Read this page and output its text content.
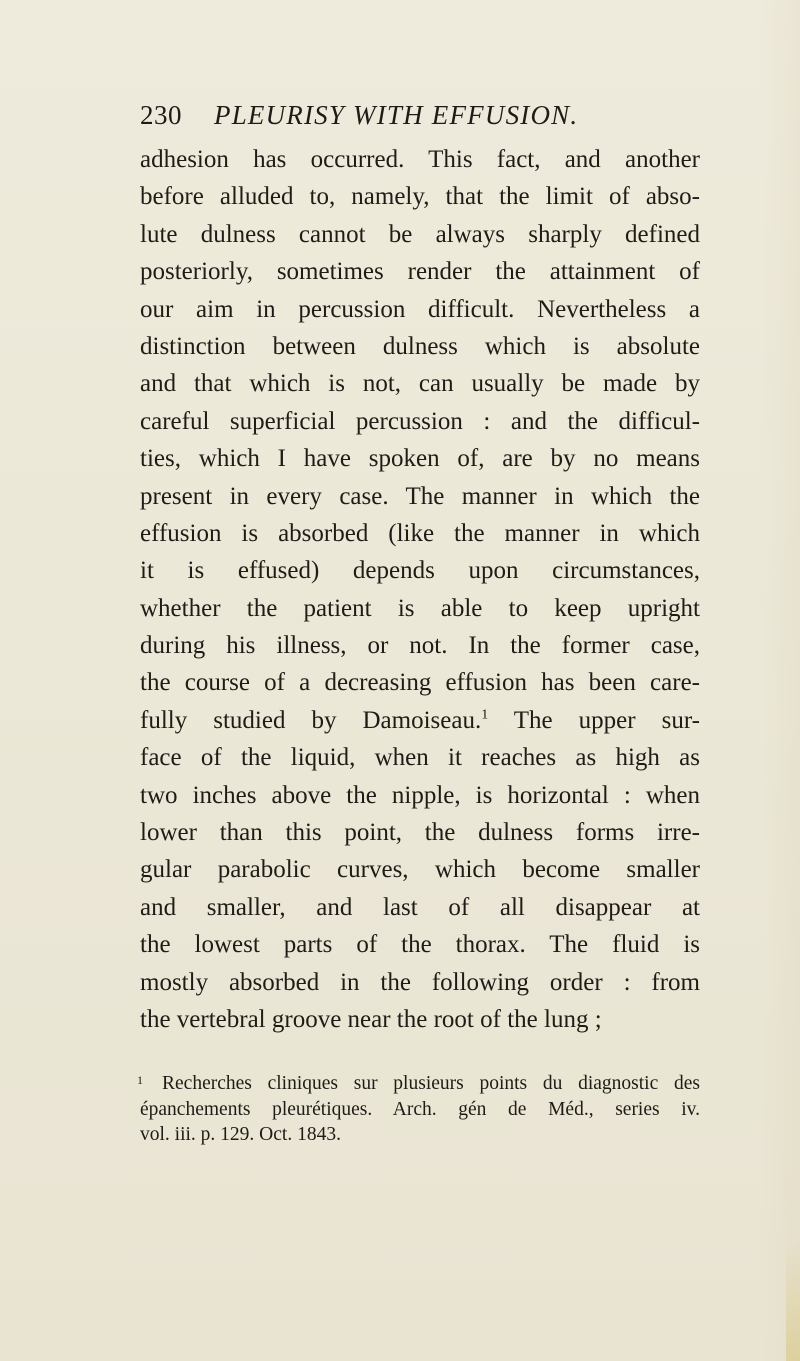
230 PLEURISY WITH EFFUSION.
adhesion has occurred. This fact, and another
before alluded to, namely, that the limit of abso-
lute dulness cannot be always sharply defined
posteriorly, sometimes render the attainment of
our aim in percussion difficult. Nevertheless a
distinction between dulness which is absolute
and that which is not, can usually be made by
careful superficial percussion : and the difficul-
ties, which I have spoken of, are by no means
present in every case. The manner in which the
effusion is absorbed (like the manner in which
it is effused) depends upon circumstances,
whether the patient is able to keep upright
during his illness, or not. In the former case,
the course of a decreasing effusion has been care-
fully studied by Damoiseau.$^1$ The upper sur-
face of the liquid, when it reaches as high as
two inches above the nipple, is horizontal : when
lower than this point, the dulness forms irre-
gular parabolic curves, which become smaller
and smaller, and last of all disappear at
the lowest parts of the thorax. The fluid is
mostly absorbed in the following order : from
the vertebral groove near the root of the lung ;
1 Recherches cliniques sur plusieurs points du diagnostic des
épanchements pleurétiques. Arch. gén de Méd., series iv.
vol. iii. p. 129. Oct. 1843.
